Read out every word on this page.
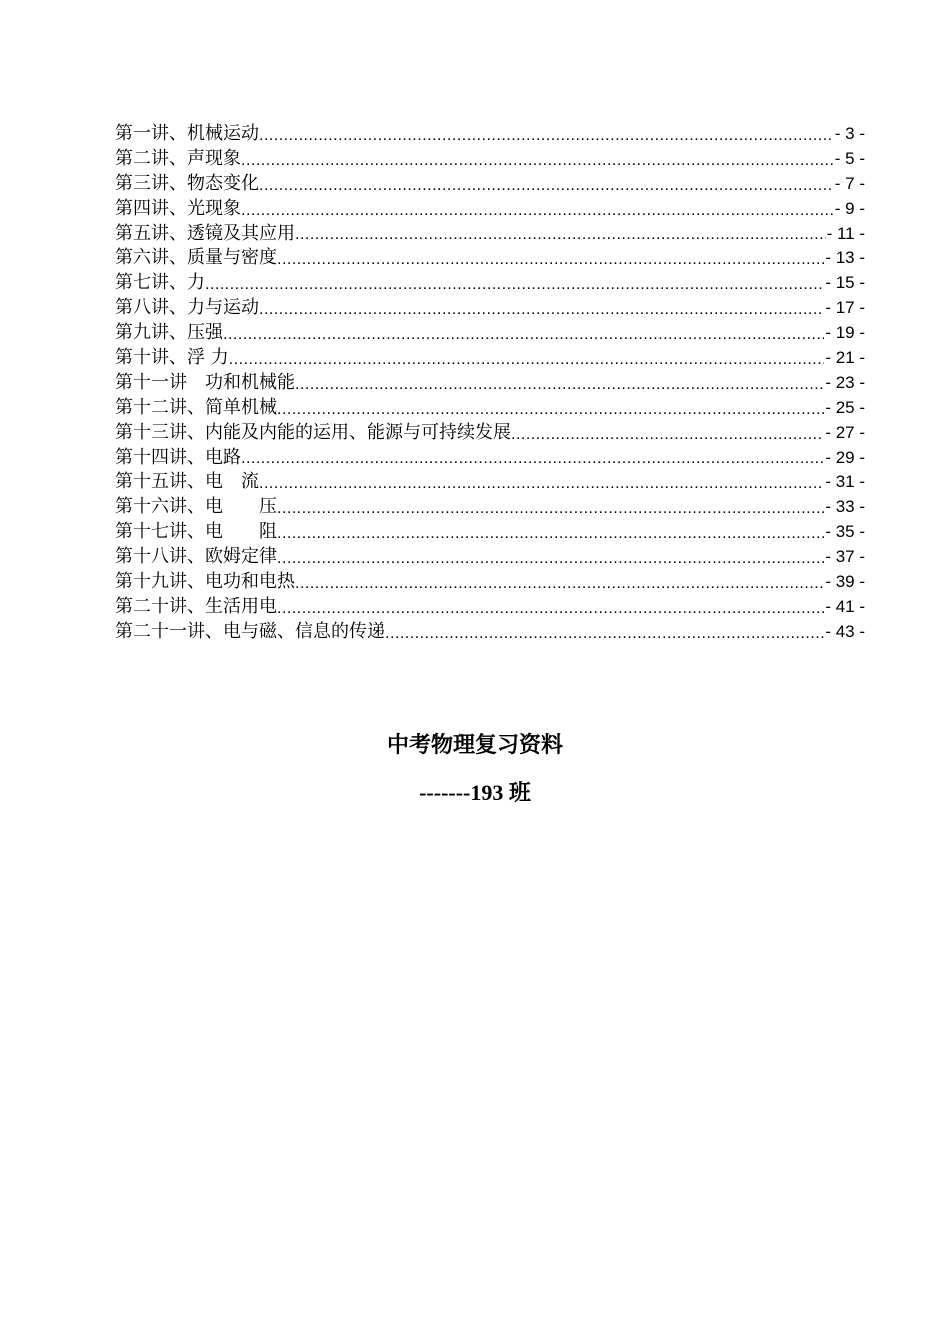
第一讲、机械运动 .....	- 3 -
第二讲、声现象 .....	- 5 -
第三讲、物态变化 .....	- 7 -
第四讲、光现象 .....	- 9 -
第五讲、透镜及其应用 .....	- 11 -
第六讲、质量与密度 .....	- 13 -
第七讲、力 .....	- 15 -
第八讲、力与运动 .....	- 17 -
第九讲、压强 .....	- 19 -
第十讲、浮 力 .....	- 21 -
第十一讲　功和机械能 .....	- 23 -
第十二讲、简单机械 .....	- 25 -
第十三讲、内能及内能的运用、能源与可持续发展 .....	- 27 -
第十四讲、电路 .....	- 29 -
第十五讲、电　流 .....	- 31 -
第十六讲、电　　压 .....	- 33 -
第十七讲、电　　阻 .....	- 35 -
第十八讲、欧姆定律 .....	- 37 -
第十九讲、电功和电热 .....	- 39 -
第二十讲、生活用电 .....	- 41 -
第二十一讲、电与磁、信息的传递 .....	- 43 -
中考物理复习资料
-------193 班
